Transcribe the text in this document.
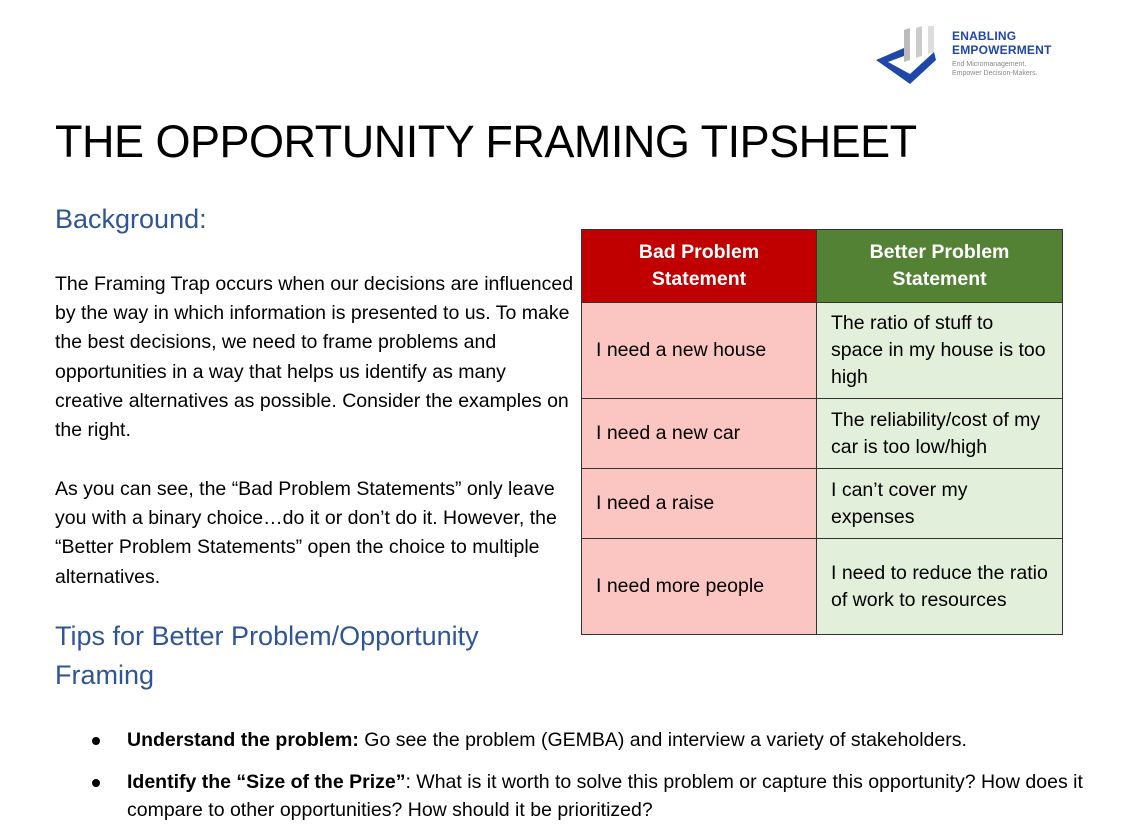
ENABLING
EMPOWERMENT
End Micromanagement.
Empower Decision-Makers.
THE OPPORTUNITY FRAMING TIPSHEET
Background:

The Framing Trap occurs when our decisions are influenced by the way in which information is presented to us. To make the best decisions, we need to frame problems and opportunities in a way that helps us identify as many creative alternatives as possible. Consider the examples on the right.

As you can see, the “Bad Problem Statements” only leave you with a binary choice…do it or don’t do it. However, the “Better Problem Statements” open the choice to multiple alternatives.

Tips for Better Problem/Opportunity Framing
Bad Problem Statement	Better Problem Statement
I need a new house	The ratio of stuff to space in my house is too high
I need a new car	The reliability/cost of my car is too low/high
I need a raise	I can’t cover my expenses
I need more people	I need to reduce the ratio of work to resources
Understand the problem: Go see the problem (GEMBA) and interview a variety of stakeholders.
Identify the “Size of the Prize”: What is it worth to solve this problem or capture this opportunity? How does it compare to other opportunities? How should it be prioritized?
